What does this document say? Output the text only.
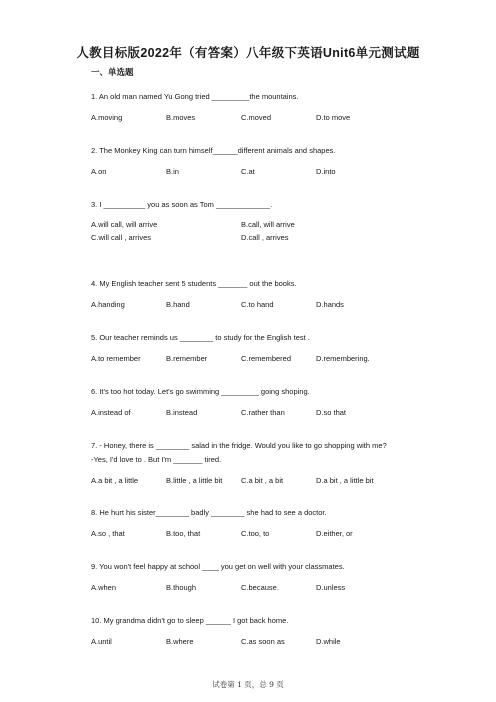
人教目标版2022年（有答案）八年级下英语Unit6单元测试题
一、单选题
1. An old man named Yu Gong tried _________the mountains.
A.moving	B.moves	C.moved	D.to move
2. The Monkey King can turn himself______different animals and shapes.
A.on	B.in	C.at	D.into
3. I __________ you as soon as Tom _____________.
A.will call, will arrive	B.call, will arrive
C.will call , arrives	D.call , arrives
4. My English teacher sent 5 students _______ out the books.
A.handing	B.hand	C.to hand	D.hands
5. Our teacher reminds us ________ to study for the English test .
A.to remember	B.remember	C.remembered	D.remembering.
6. It's too hot today. Let's go swimming _________ going shoping.
A.instead of	B.instead	C.rather than	D.so that
7. - Honey, there is ________ salad in the fridge. Would you like to go shopping with me?
-Yes, I'd love to . But I'm _______ tired.
A.a bit , a little	B.little , a little bit	C.a bit , a bit	D.a bit , a little bit
8. He hurt his sister________ badly ________ she had to see a doctor.
A.so , that	B.too, that	C.too, to	D.either, or
9. You won't feel happy at school ____ you get on well with your classmates.
A.when	B.though	C.because.	D.unless
10. My grandma didn't go to sleep ______ I got back home.
A.until	B.where	C.as soon as	D.while
试卷第 1 页，总 9 页
